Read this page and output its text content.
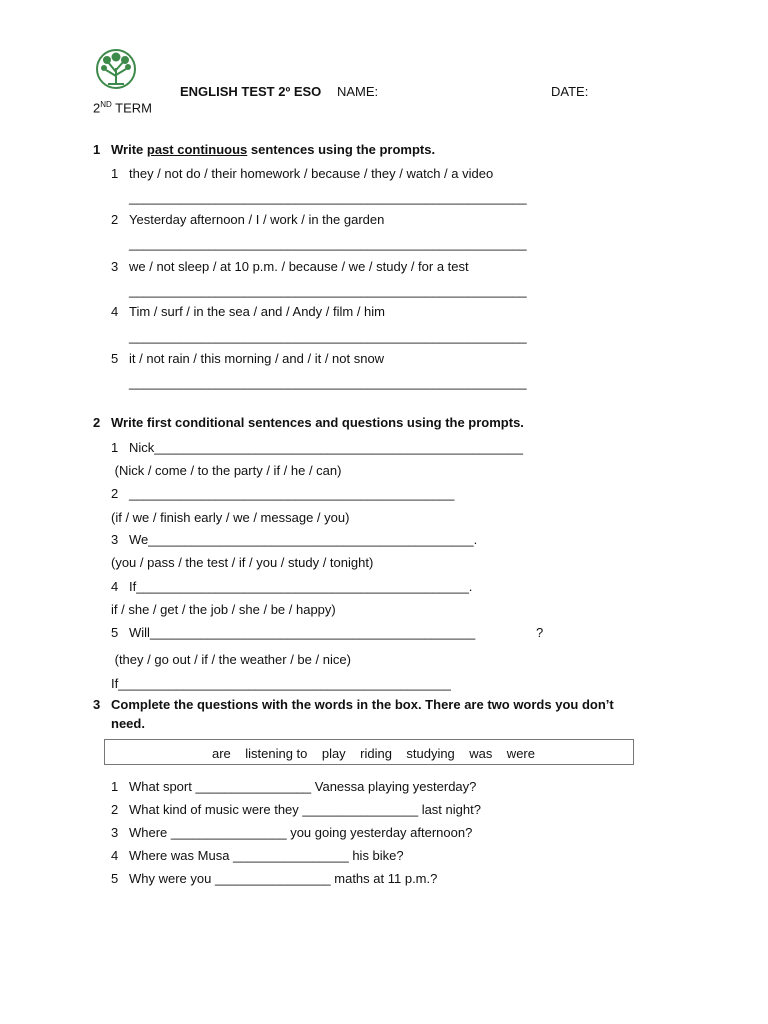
ENGLISH TEST 2º ESO NAME:	DATE:
2ND TERM
1 Write past continuous sentences using the prompts.
1 they / not do / their homework / because / they / watch / a video
_______________________________________________________
2 Yesterday afternoon / I / work / in the garden
_______________________________________________________
3 we / not sleep / at 10 p.m. / because / we / study / for a test
_______________________________________________________
4 Tim / surf / in the sea / and / Andy / film / him
_______________________________________________________
5 it / not rain / this morning / and / it / not snow
_______________________________________________________
2 Write first conditional sentences and questions using the prompts.
1 Nick___________________________________________________
(Nick / come / to the party / if / he / can)
2 _____________________________________________
(if / we / finish early / we / message / you)
3 We_____________________________________________.
(you / pass / the test / if / you / study / tonight)
4 If______________________________________________.
if / she / get / the job / she / be / happy)
5 Will_____________________________________________	?
(they / go out / if / the weather / be / nice)
If______________________________________________
3 Complete the questions with the words in the box. There are two words you don’t
need.
are    listening to    play    riding    studying    was    were
1 What sport ________________ Vanessa playing yesterday?
2 What kind of music were they ________________ last night?
3 Where ________________ you going yesterday afternoon?
4 Where was Musa ________________ his bike?
5 Why were you ________________ maths at 11 p.m.?
